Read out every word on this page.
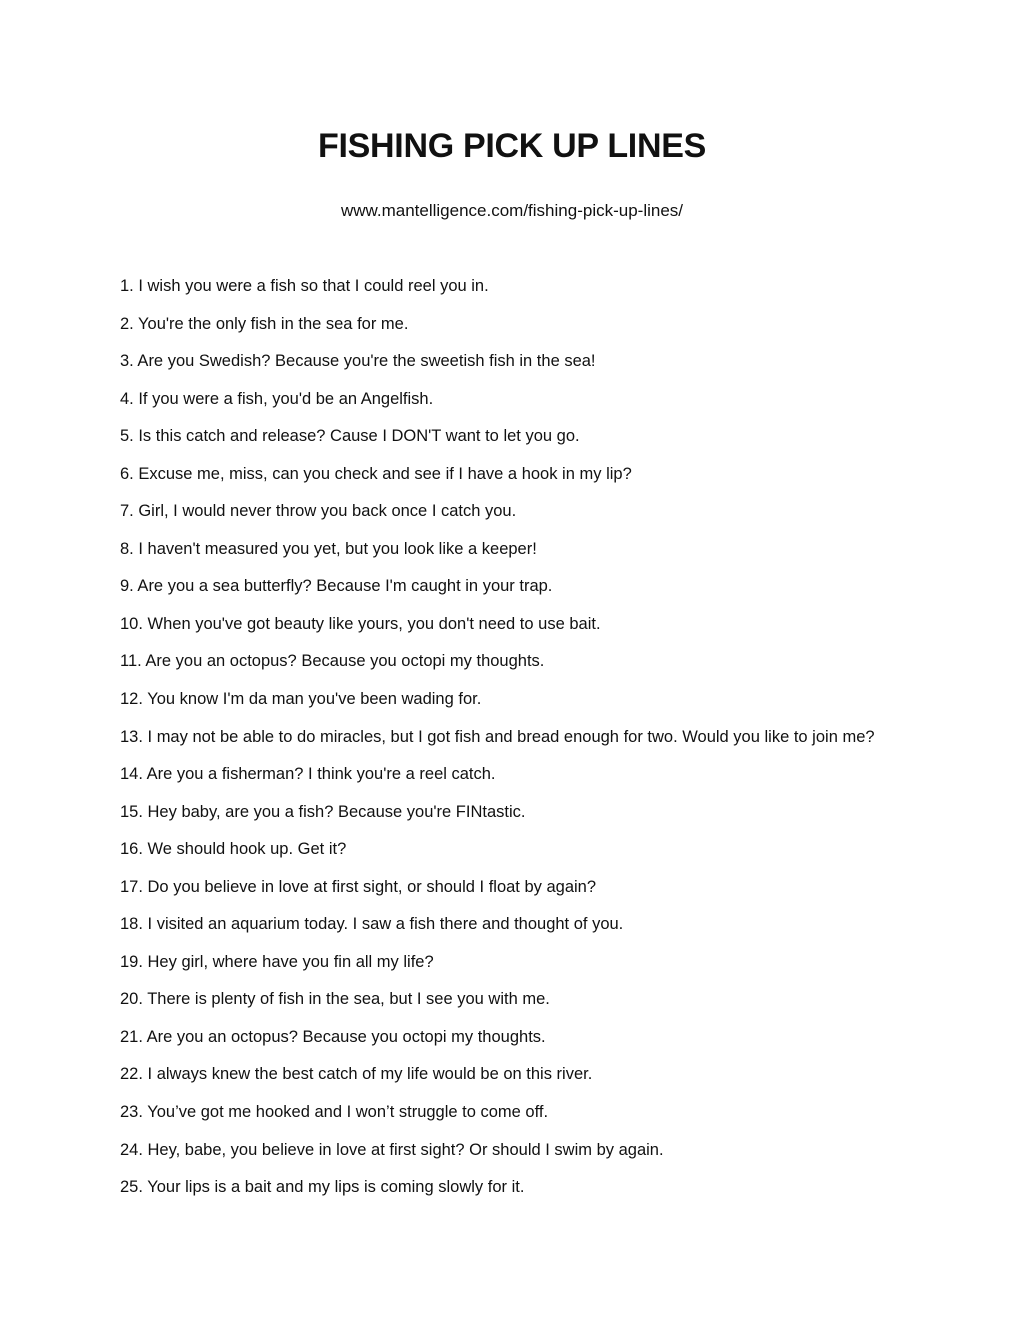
FISHING PICK UP LINES
www.mantelligence.com/fishing-pick-up-lines/
1. I wish you were a fish so that I could reel you in.
2. You're the only fish in the sea for me.
3. Are you Swedish? Because you're the sweetish fish in the sea!
4. If you were a fish, you'd be an Angelfish.
5. Is this catch and release? Cause I DON'T want to let you go.
6. Excuse me, miss, can you check and see if I have a hook in my lip?
7. Girl, I would never throw you back once I catch you.
8. I haven't measured you yet, but you look like a keeper!
9. Are you a sea butterfly? Because I'm caught in your trap.
10. When you've got beauty like yours, you don't need to use bait.
11. Are you an octopus? Because you octopi my thoughts.
12. You know I'm da man you've been wading for.
13. I may not be able to do miracles, but I got fish and bread enough for two. Would you like to join me?
14. Are you a fisherman? I think you're a reel catch.
15. Hey baby, are you a fish? Because you're FINtastic.
16. We should hook up. Get it?
17. Do you believe in love at first sight, or should I float by again?
18. I visited an aquarium today. I saw a fish there and thought of you.
19. Hey girl, where have you fin all my life?
20. There is plenty of fish in the sea, but I see you with me.
21. Are you an octopus? Because you octopi my thoughts.
22. I always knew the best catch of my life would be on this river.
23. You’ve got me hooked and I won’t struggle to come off.
24. Hey, babe, you believe in love at first sight? Or should I swim by again.
25. Your lips is a bait and my lips is coming slowly for it.
